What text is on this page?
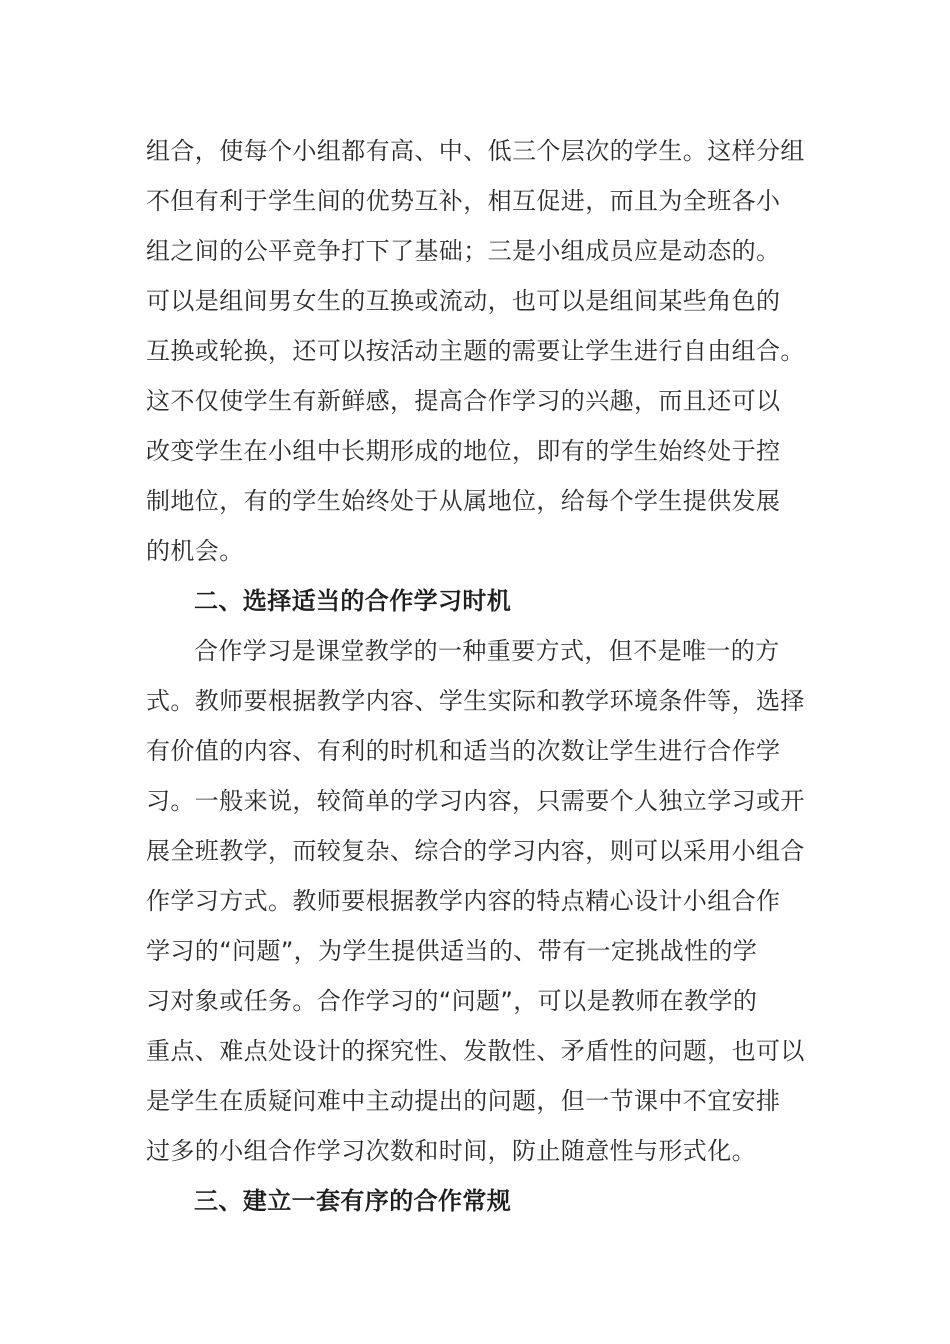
组合，使每个小组都有高、中、低三个层次的学生。这样分组
不但有利于学生间的优势互补，相互促进，而且为全班各小
组之间的公平竞争打下了基础；三是小组成员应是动态的。
可以是组间男女生的互换或流动，也可以是组间某些角色的
互换或轮换，还可以按活动主题的需要让学生进行自由组合。
这不仅使学生有新鲜感，提高合作学习的兴趣，而且还可以
改变学生在小组中长期形成的地位，即有的学生始终处于控
制地位，有的学生始终处于从属地位，给每个学生提供发展
的机会。
二、选择适当的合作学习时机
合作学习是课堂教学的一种重要方式，但不是唯一的方
式。教师要根据教学内容、学生实际和教学环境条件等，选择
有价值的内容、有利的时机和适当的次数让学生进行合作学
习。一般来说，较简单的学习内容，只需要个人独立学习或开
展全班教学，而较复杂、综合的学习内容，则可以采用小组合
作学习方式。教师要根据教学内容的特点精心设计小组合作
学习的“问题”，为学生提供适当的、带有一定挑战性的学
习对象或任务。合作学习的“问题”，可以是教师在教学的
重点、难点处设计的探究性、发散性、矛盾性的问题，也可以
是学生在质疑问难中主动提出的问题，但一节课中不宜安排
过多的小组合作学习次数和时间，防止随意性与形式化。
三、建立一套有序的合作常规
